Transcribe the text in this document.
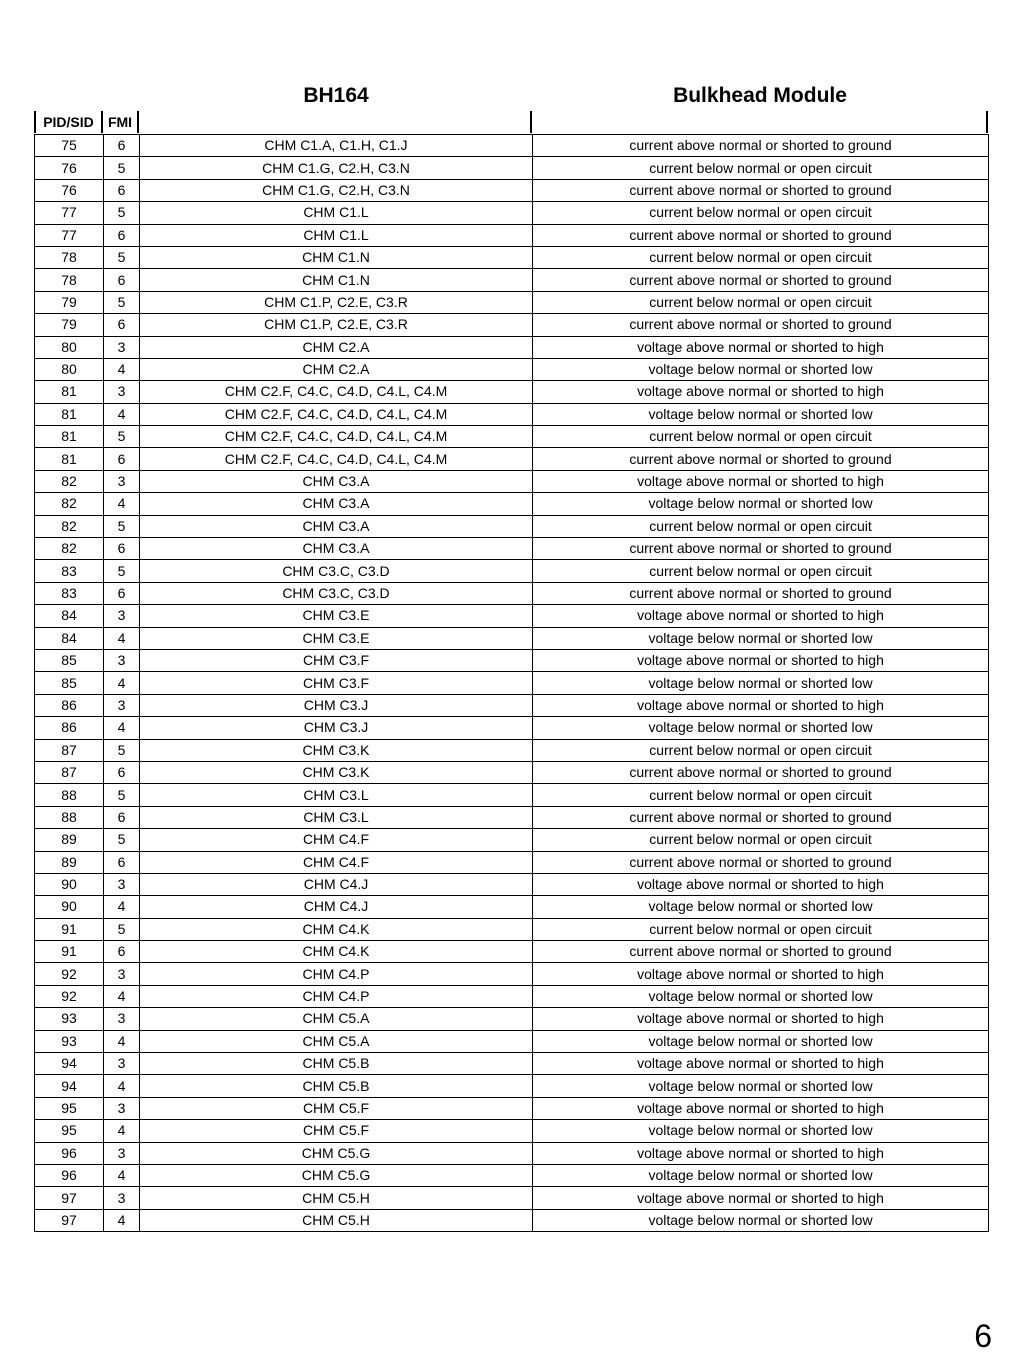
BH164	Bulkhead Module
PID/SID	FMI
75	6	CHM C1.A, C1.H, C1.J	current above normal or shorted to ground
76	5	CHM C1.G, C2.H, C3.N	current below normal or open circuit
76	6	CHM C1.G, C2.H, C3.N	current above normal or shorted to ground
77	5	CHM C1.L	current below normal or open circuit
77	6	CHM C1.L	current above normal or shorted to ground
78	5	CHM C1.N	current below normal or open circuit
78	6	CHM C1.N	current above normal or shorted to ground
79	5	CHM C1.P, C2.E, C3.R	current below normal or open circuit
79	6	CHM C1.P, C2.E, C3.R	current above normal or shorted to ground
80	3	CHM C2.A	voltage above normal or shorted to high
80	4	CHM C2.A	voltage below normal or shorted low
81	3	CHM C2.F, C4.C, C4.D, C4.L, C4.M	voltage above normal or shorted to high
81	4	CHM C2.F, C4.C, C4.D, C4.L, C4.M	voltage below normal or shorted low
81	5	CHM C2.F, C4.C, C4.D, C4.L, C4.M	current below normal or open circuit
81	6	CHM C2.F, C4.C, C4.D, C4.L, C4.M	current above normal or shorted to ground
82	3	CHM C3.A	voltage above normal or shorted to high
82	4	CHM C3.A	voltage below normal or shorted low
82	5	CHM C3.A	current below normal or open circuit
82	6	CHM C3.A	current above normal or shorted to ground
83	5	CHM C3.C, C3.D	current below normal or open circuit
83	6	CHM C3.C, C3.D	current above normal or shorted to ground
84	3	CHM C3.E	voltage above normal or shorted to high
84	4	CHM C3.E	voltage below normal or shorted low
85	3	CHM C3.F	voltage above normal or shorted to high
85	4	CHM C3.F	voltage below normal or shorted low
86	3	CHM C3.J	voltage above normal or shorted to high
86	4	CHM C3.J	voltage below normal or shorted low
87	5	CHM C3.K	current below normal or open circuit
87	6	CHM C3.K	current above normal or shorted to ground
88	5	CHM C3.L	current below normal or open circuit
88	6	CHM C3.L	current above normal or shorted to ground
89	5	CHM C4.F	current below normal or open circuit
89	6	CHM C4.F	current above normal or shorted to ground
90	3	CHM C4.J	voltage above normal or shorted to high
90	4	CHM C4.J	voltage below normal or shorted low
91	5	CHM C4.K	current below normal or open circuit
91	6	CHM C4.K	current above normal or shorted to ground
92	3	CHM C4.P	voltage above normal or shorted to high
92	4	CHM C4.P	voltage below normal or shorted low
93	3	CHM C5.A	voltage above normal or shorted to high
93	4	CHM C5.A	voltage below normal or shorted low
94	3	CHM C5.B	voltage above normal or shorted to high
94	4	CHM C5.B	voltage below normal or shorted low
95	3	CHM C5.F	voltage above normal or shorted to high
95	4	CHM C5.F	voltage below normal or shorted low
96	3	CHM C5.G	voltage above normal or shorted to high
96	4	CHM C5.G	voltage below normal or shorted low
97	3	CHM C5.H	voltage above normal or shorted to high
97	4	CHM C5.H	voltage below normal or shorted low
6
